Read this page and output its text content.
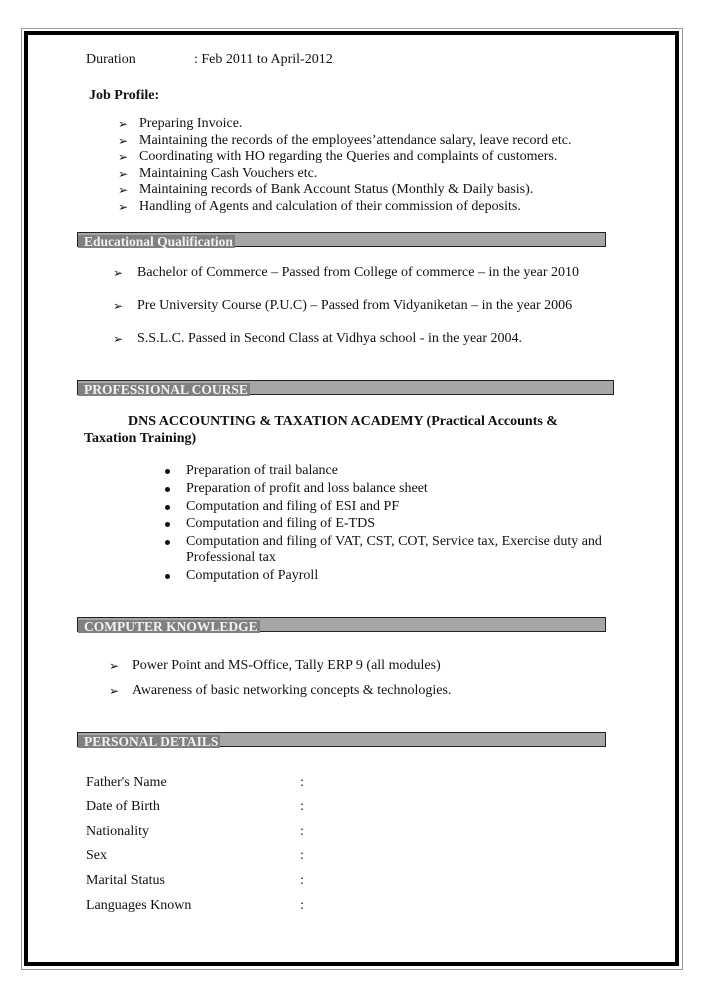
Duration	: Feb 2011 to April-2012
Job Profile:
➢ Preparing Invoice.
➢ Maintaining the records of the employees’attendance salary, leave record etc.
➢ Coordinating with HO regarding the Queries and complaints of customers.
➢ Maintaining Cash Vouchers etc.
➢ Maintaining records of Bank Account Status (Monthly & Daily basis).
➢ Handling of Agents and calculation of their commission of deposits.
Educational Qualification
➢ Bachelor of Commerce – Passed from College of commerce – in the year 2010
➢ Pre University Course (P.U.C) – Passed from Vidyaniketan – in the year 2006
➢ S.S.L.C. Passed in Second Class at Vidhya school - in the year 2004.
PROFESSIONAL COURSE
DNS ACCOUNTING & TAXATION ACADEMY (Practical Accounts &
Taxation Training)
Preparation of trail balance
Preparation of profit and loss balance sheet
Computation and filing of ESI and PF
Computation and filing of E-TDS
Computation and filing of VAT, CST, COT, Service tax, Exercise duty and
Professional tax
Computation of Payroll
COMPUTER KNOWLEDGE
➢ Power Point and MS-Office, Tally ERP 9 (all modules)
➢ Awareness of basic networking concepts & technologies.
PERSONAL DETAILS
Father's Name	:
Date of Birth	:
Nationality	:
Sex	:
Marital Status	:
Languages Known	:
